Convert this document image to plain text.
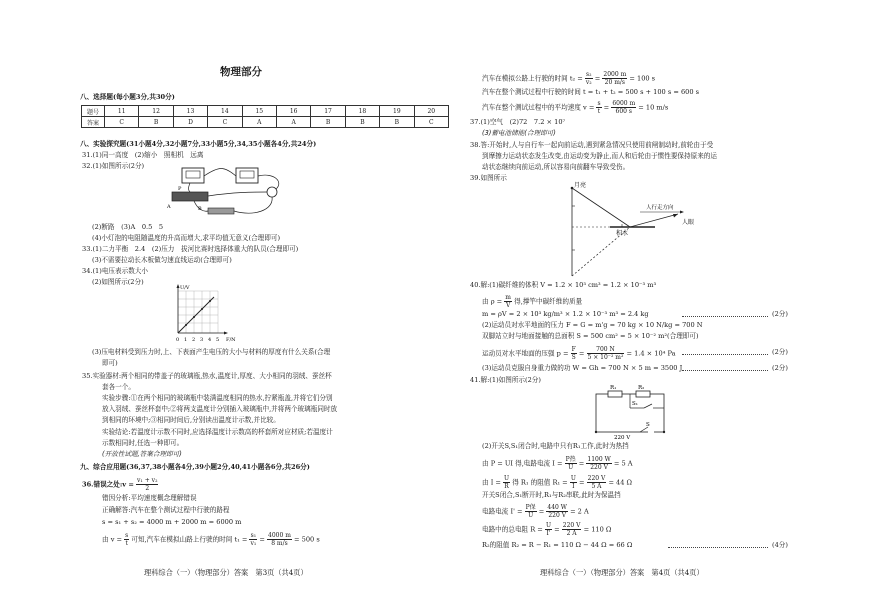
物理部分
八、选择题(每小题3分,共30分)
题号	11	12	13	14	15	16	17	18	19	20
答案	C	B	D	C	A	A	B	B	B	C
八、实验探究题(31小题4分,32小题7分,33小题5分,34,35小题各4分,共24分)
31.(1)同一高度　(2)缩小　照相机　远离
32.(1)如图所示(2分)
P
A	B
(2)断路　(3)A　0.5　5
(4)小灯泡的电阻随温度的升高而增大,求平均值无意义(合理即可)
33.(1)二力平衡　2.4　(2)压力　拔河比赛时选择体重大的队员(合理即可)
(3)不需要拉动长木板做匀速直线运动(合理即可)
34.(1)电压表示数大小
(2)如图所示(2分)
U/V
F/N
0 1 2 3 4 5
(3)压电材料受到压力时,上、下表面产生电压的大小与材料的厚度有什么关系(合理
即可)
35.实验器材:两个相同的带盖子的玻璃瓶,热水,温度计,厚度、大小相同的羽绒、蚕丝杯
套各一个。
实验步骤:①在两个相同的玻璃瓶中装满温度相同的热水,拧紧瓶盖,并将它们分别
放入羽绒、蚕丝杯套中;②将两支温度计分别插入玻璃瓶中,并将两个玻璃瓶同时放
到相同的环境中;③相同时间后,分别读出温度计示数,并比较。
实验结论:若温度计示数不同时,应选择温度计示数高的杯套所对应材质;若温度计
示数相同时,任选一种即可。
(开放性试题,答案合理即可)
九、综合应用题(36,37,38小题各4分,39小题2分,40,41小题各6分,共26分)
36.错误之处:v = $\frac{\text{v₁ + v₂}}{2}$
错因分析:平均速度概念理解错误
正确解答:汽车在整个测试过程中行驶的路程
s = s₁ + s₂ = 4000 m + 2000 m = 6000 m
由 $v = \frac{s}{t}$ 可知,汽车在模拟山路上行驶的时间 $t_1 = \frac{\text{s₁}}{\text{v₁}} = \frac{4000 m}{8 m/s} = 500$ s
理科综合（一）（物理部分）答案　第3页（共4页）
汽车在模拟公路上行驶的时间 $t_2 = \frac{\text{s₂}}{\text{v₂}} = \frac{2000 m}{20 m/s} = 100$ s
汽车在整个测试过程中行驶的时间 t = t₁ + t₂ = 500 s + 100 s = 600 s
汽车在整个测试过程中的平均速度 $v = \frac{s}{t} = \frac{6000 m}{600 s} = 10$ m/s
37.(1)空气　(2)72　7.2 × 10⁷
(3)蓄电池储能(合理即可)
38.答:开始时,人与自行车一起向前运动,遇到紧急情况只使用前闸制动时,前轮由于受
到摩擦力运动状态发生改变,由运动变为静止,而人和后轮由于惯性要保持原来的运
动状态继续向前运动,所以容易向前翻车导致受伤。
39.如图所示
月亮
人行走方向
人眼
积水
40.解:(1)碳纤维的体积 V = 1.2 × 10³ cm³ = 1.2 × 10⁻³ m³
由 $\rho = \frac{m}{V}$ 得,撑竿中碳纤维的质量
m = ρV = 2 × 10³ kg/m³ × 1.2 × 10⁻³ m³ = 2.4 kg	(2分)
(2)运动员对水平地面的压力 F = G = m'g = 70 kg × 10 N/kg = 700 N
双脚站立时与地面接触的总面积 S = 500 cm² = 5 × 10⁻² m²(合理即可)
运动员对水平地面的压强 $p = \frac{F}{S} = \frac{700 N}{\text{5 × 10⁻² m²}} = 1.4 \times 10^4$ Pa	(2分)
(3)运动员克服自身重力做的功 W = Gh = 700 N × 5 m = 3500 J	(2分)
41.解:(1)如图所示(2分)
R₁	R₂
S₁
S
220 V
(2)开关S,S₁闭合时,电路中只有R₁工作,此时为热挡
由 P = UI 得,电路电流 $I = \frac{\text{P热}}{U} = \frac{1100 W}{220 V} = 5$ A
由 $I = \frac{U}{R}$ 得 R₁ 的阻值 $R_1 = \frac{U}{I} = \frac{220 V}{5 A} = 44$ Ω
开关S闭合,S₁断开时,R₁与R₂串联,此时为保温挡
电路电流 $I' = \frac{\text{P保}}{U} = \frac{440 W}{220 V} = 2$ A
电路中的总电阻 $R = \frac{U}{I'} = \frac{220 V}{2 A} = 110$ Ω
R₂的阻值 R₂ = R − R₁ = 110 Ω − 44 Ω = 66 Ω	(4分)
理科综合（一）（物理部分）答案　第4页（共4页）
